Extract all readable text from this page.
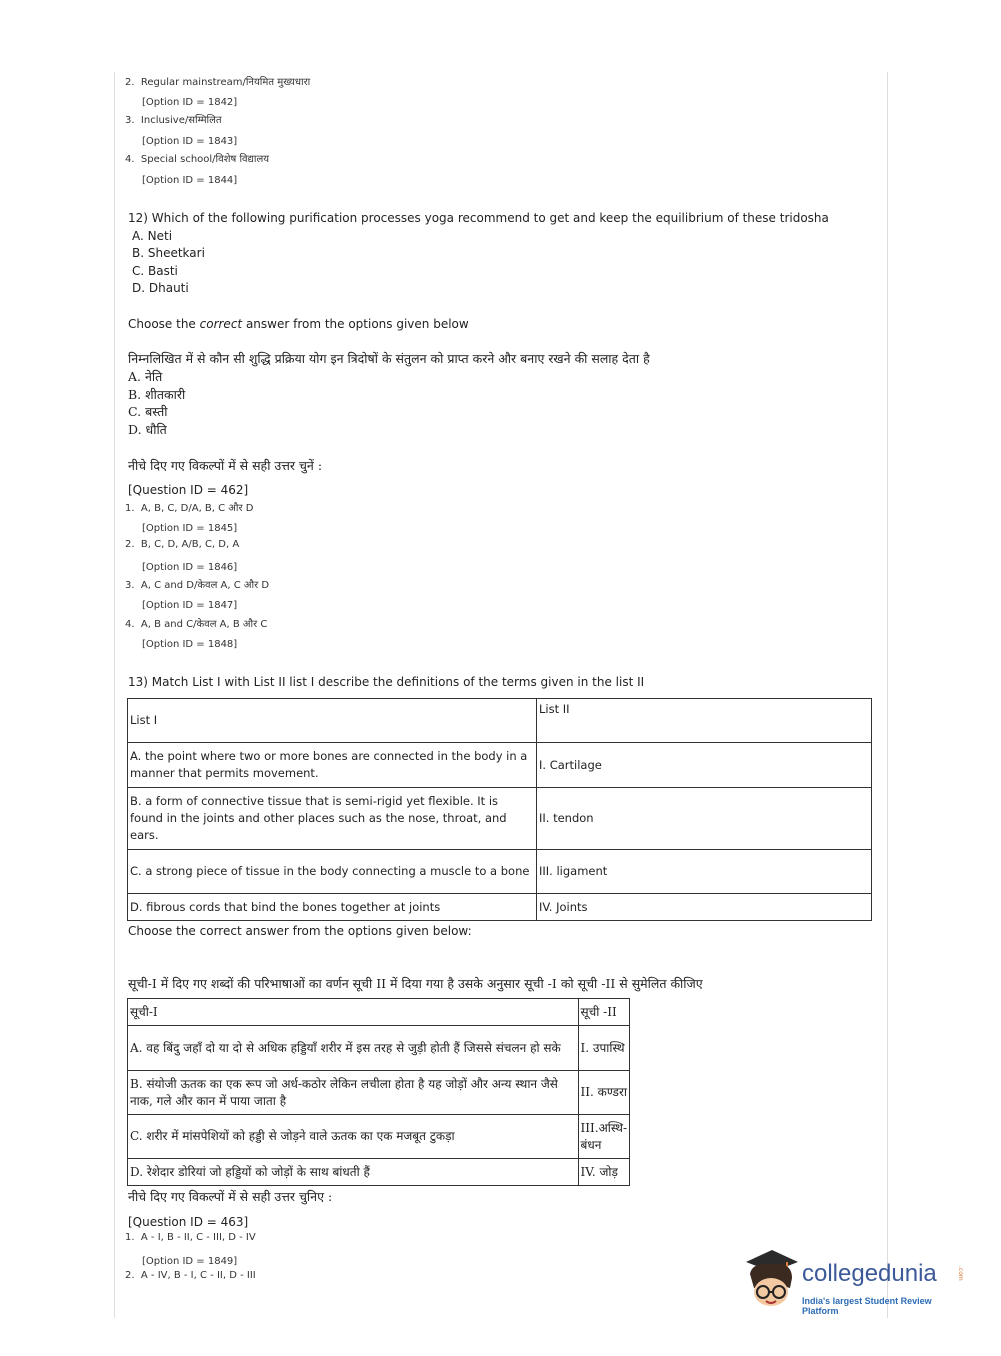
2. Regular mainstream/नियमित मुख्यधारा
[Option ID = 1842]
3. Inclusive/सम्मिलित
[Option ID = 1843]
4. Special school/विशेष विद्यालय
[Option ID = 1844]
12) Which of the following purification processes yoga recommend to get and keep the equilibrium of these tridosha
A. Neti
B. Sheetkari
C. Basti
D. Dhauti
Choose the correct answer from the options given below
निम्नलिखित में से कौन सी शुद्धि प्रक्रिया योग इन त्रिदोषों के संतुलन को प्राप्त करने और बनाए रखने की सलाह देता है
A. नेति
B. शीतकारी
C. बस्ती
D. धौति
नीचे दिए गए विकल्पों में से सही उत्तर चुनें :
[Question ID = 462]
1. A, B, C, D/A, B, C और D
[Option ID = 1845]
2. B, C, D, A/B, C, D, A
[Option ID = 1846]
3. A, C and D/केवल A, C और D
[Option ID = 1847]
4. A, B and C/केवल A, B और C
[Option ID = 1848]
13) Match List I with List II list I describe the definitions of the terms given in the list II
List I	List II
A. the point where two or more bones are connected in the body in a manner that permits movement.	I. Cartilage
B. a form of connective tissue that is semi-rigid yet flexible. It is found in the joints and other places such as the nose, throat, and ears.	II. tendon
C. a strong piece of tissue in the body connecting a muscle to a bone	III. ligament
D. fibrous cords that bind the bones together at joints	IV. Joints
Choose the correct answer from the options given below:
सूची-I में दिए गए शब्दों की परिभाषाओं का वर्णन सूची II में दिया गया है उसके अनुसार सूची -I को सूची -II से सुमेलित कीजिए
सूची-I	सूची -II
A. वह बिंदु जहाँ दो या दो से अधिक हड्डियाँ शरीर में इस तरह से जुड़ी होती हैं जिससे संचलन हो सके	I. उपास्थि
B. संयोजी ऊतक का एक रूप जो अर्ध-कठोर लेकिन लचीला होता है यह जोड़ों और अन्य स्थान जैसे नाक, गले और कान में पाया जाता है	II. कण्डरा
C. शरीर में मांसपेशियों को हड्डी से जोड़ने वाले ऊतक का एक मजबूत टुकड़ा	III.अस्थि-बंधन
D. रेशेदार डोरियां जो हड्डियों को जोड़ों के साथ बांधती हैं	IV. जोड़
नीचे दिए गए विकल्पों में से सही उत्तर चुनिए :
[Question ID = 463]
1. A - I, B - II, C - III, D - IV
[Option ID = 1849]
2. A - IV, B - I, C - II, D - III	collegedunia	.com
India's largest Student Review Platform
